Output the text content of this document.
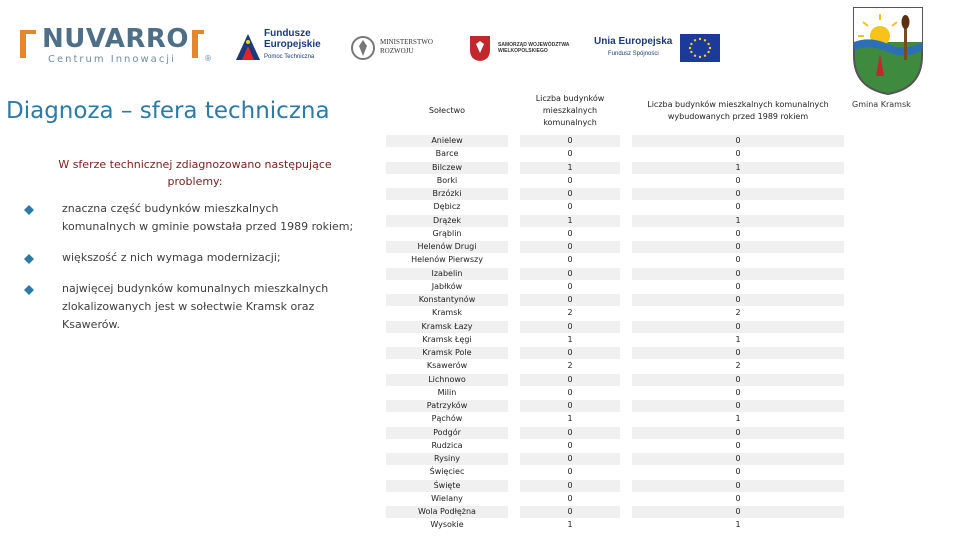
NUVARRO
Centrum Innowacji	®
Fundusze Europejskie
Pomoc Techniczna
MINISTERSTWO ROZWOJU
SAMORZĄD WOJEWÓDZTWA WIELKOPOLSKIEGO
Unia Europejska
Fundusz Spójności
Gmina Kramsk
Diagnoza – sfera techniczna
W sferze technicznej zdiagnozowano następujące problemy:
znaczna część budynków mieszkalnych komunalnych w gminie powstała przed 1989 rokiem;
większość z nich wymaga modernizacji;
najwięcej budynków komunalnych mieszkalnych zlokalizowanych jest w sołectwie Kramsk oraz Ksawerów.
Sołectwo		Liczba budynków mieszkalnych komunalnych		Liczba budynków mieszkalnych komunalnych wybudowanych przed 1989 rokiem
Anielew		0		0
Barce		0		0
Bilczew		1		1
Borki		0		0
Brzózki		0		0
Dębicz		0		0
Drążek		1		1
Grąblin		0		0
Helenów Drugi		0		0
Helenów Pierwszy		0		0
Izabelin		0		0
Jabłków		0		0
Konstantynów		0		0
Kramsk		2		2
Kramsk Łazy		0		0
Kramsk Łęgi		1		1
Kramsk Pole		0		0
Ksawerów		2		2
Lichnowo		0		0
Milin		0		0
Patrzyków		0		0
Pąchów		1		1
Podgór		0		0
Rudzica		0		0
Rysiny		0		0
Święciec		0		0
Święte		0		0
Wielany		0		0
Wola Podłężna		0		0
Wysokie		1		1
